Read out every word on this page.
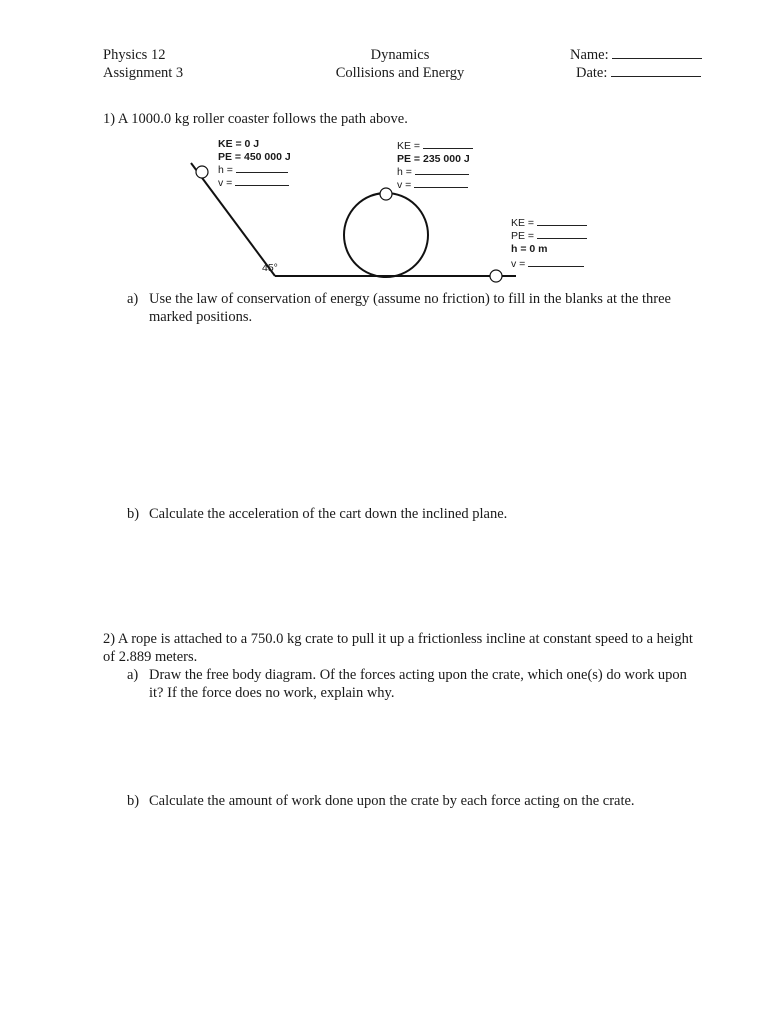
Physics 12
Assignment 3
Dynamics
Collisions and Energy
Name:
Date:
1) A 1000.0 kg roller coaster follows the path above.
KE = 0 J
PE = 450 000 J
h =
v =
KE =
PE = 235 000 J
h =
v =
KE =
PE =
h = 0 m
v =
45°
a) Use the law of conservation of energy (assume no friction) to fill in the blanks at the three marked positions.
b) Calculate the acceleration of the cart down the inclined plane.
2) A rope is attached to a 750.0 kg crate to pull it up a frictionless incline at constant speed to a height of 2.889 meters.
a) Draw the free body diagram. Of the forces acting upon the crate, which one(s) do work upon it? If the force does no work, explain why.
b) Calculate the amount of work done upon the crate by each force acting on the crate.
